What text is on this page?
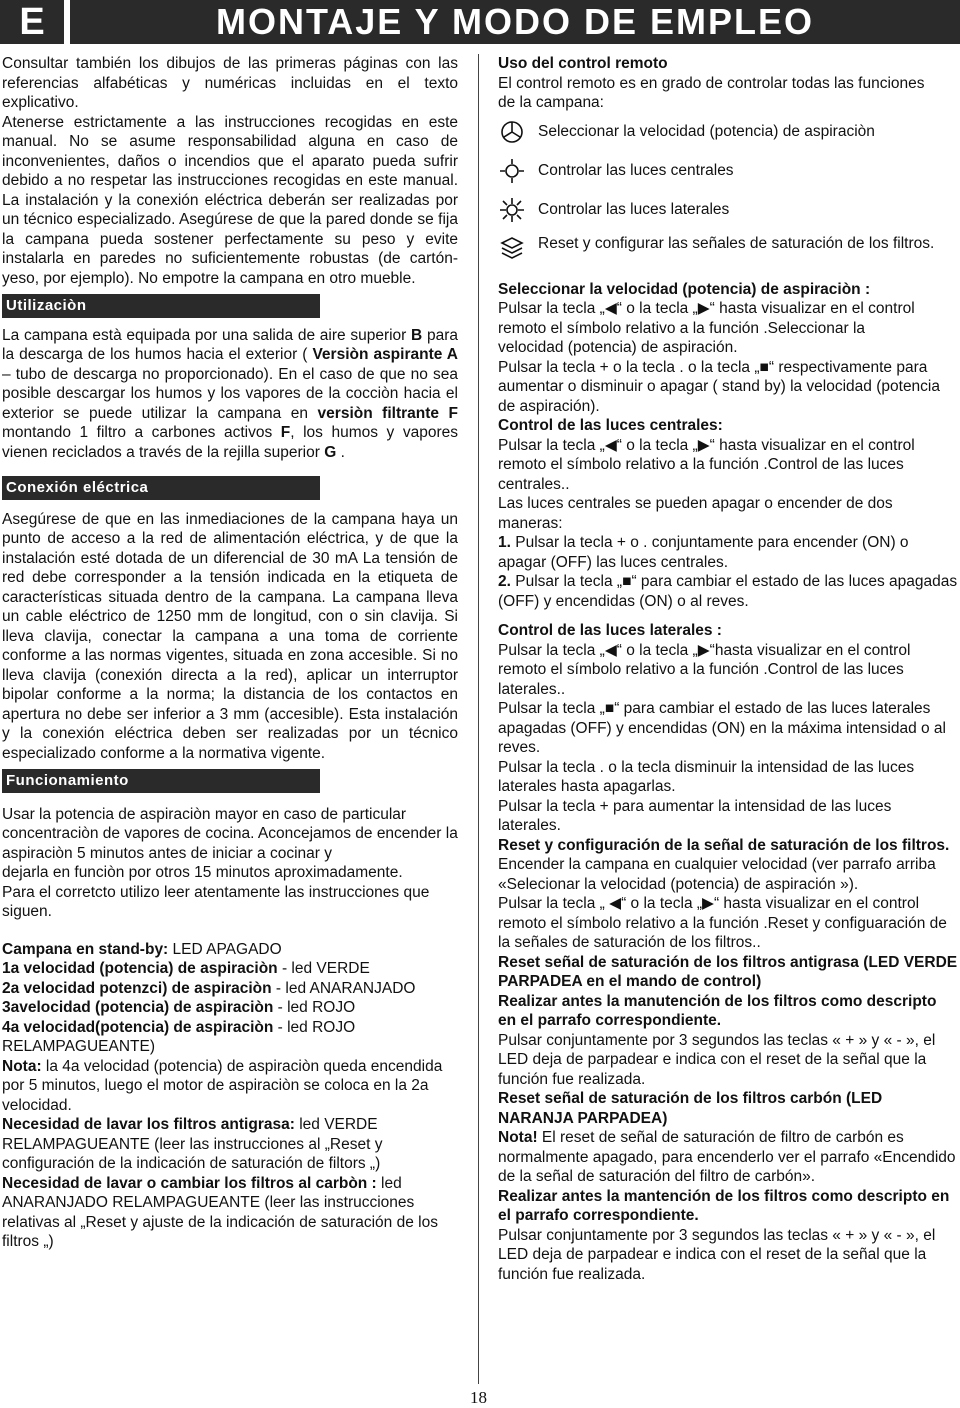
E	MONTAJE Y MODO DE EMPLEO

Consultar también los dibujos de las primeras páginas con las referencias alfabéticas y numéricas incluidas en el texto explicativo.

Atenerse estrictamente a las instrucciones recogidas en este manual. No se asume responsabilidad alguna en caso de inconvenientes, daños o incendios que el aparato pueda sufrir debido a no respetar las instrucciones recogidas en este manual. La instalación y la conexión eléctrica deberán ser realizadas por un técnico especializado. Asegúrese de que la pared donde se fija la campana pueda sostener perfectamente su peso y evite instalarla en paredes no suficientemente robustas (de cartón-yeso, por ejemplo). No empotre la campana en otro mueble.

Utilizaciòn

La campana està equipada por una salida de aire superior B para la descarga de los humos hacia el exterior ( Versiòn aspirante A – tubo de descarga no proporcionado). En el caso de que no sea posible descargar los humos y los vapores de la cocciòn hacia el exterior se puede utilizar la campana en versiòn filtrante F montando 1 filtro a carbones activos F, los humos y vapores vienen reciclados a través de la rejilla superior G .

Conexión eléctrica

Asegúrese de que en las inmediaciones de la campana haya un punto de acceso a la red de alimentación eléctrica, y de que la instalación esté dotada de un diferencial de 30 mA La tensión de red debe corresponder a la tensión indicada en la etiqueta de características situada dentro de la campana. La campana lleva un cable eléctrico de 1250 mm de longitud, con o sin clavija. Si lleva clavija, conectar la campana a una toma de corriente conforme a las normas vigentes, situada en zona accesible. Si no lleva clavija (conexión directa a la red), aplicar un interruptor bipolar conforme a la norma; la distancia de los contactos en apertura no debe ser inferior a 3 mm (accesible). Esta instalación y la conexión eléctrica deben ser realizadas por un técnico especializado conforme a la normativa vigente.

Funcionamiento

Usar la potencia de aspiraciòn mayor en caso de particular concentraciòn de vapores de cocina. Aconcejamos de encender la aspiraciòn 5 minutos antes de iniciar a cocinar y

dejarla en funciòn por otros 15 minutos aproximadamente.

Para el corretcto utilizo leer atentamente las instrucciones que

siguen.

Campana en stand-by: LED APAGADO

1a velocidad (potencia) de aspiraciòn - led VERDE

2a velocidad potenzci) de aspiraciòn - led ANARANJADO

3avelocidad (potencia) de aspiraciòn - led ROJO

4a velocidad(potencia) de aspiraciòn - led ROJO RELAMPAGUEANTE)

Nota: la 4a velocidad (potencia) de aspiraciòn queda encendida por 5 minutos, luego el motor de aspiraciòn se coloca en la 2a velocidad.

Necesidad de lavar los filtros antigrasa: led VERDE RELAMPAGUEANTE (leer las instrucciones al „Reset y configuración de la indicación de saturación de filtors „)

Necesidad de lavar o cambiar los filtros al carbòn : led ANARANJADO RELAMPAGUEANTE (leer las instrucciones relativas al „Reset y ajuste de la indicación de saturación de los filtros „)

Uso del control remoto

El control remoto es en grado de controlar todas las funciones

de la campana:

Seleccionar la velocidad (potencia) de aspiraciòn
Controlar las luces centrales
Controlar las luces laterales
Reset y configurar las señales de saturación de los filtros.

Seleccionar la velocidad (potencia) de aspiraciòn :

Pulsar la tecla „◀“ o la tecla „▶“ hasta visualizar en el control remoto el símbolo relativo a la función .Seleccionar la

velocidad (potencia) de aspiración.

Pulsar la tecla + o la tecla . o la tecla „■“ respectivamente para aumentar o disminuir o apagar ( stand by) la velocidad (potencia de aspiración).

Control de las luces centrales:

Pulsar la tecla „◀“ o la tecla „▶“ hasta visualizar en el control remoto el símbolo relativo a la función .Control de las luces centrales..

Las luces centrales se pueden apagar o encender de dos maneras:

1. Pulsar la tecla + o . conjuntamente para encender (ON) o apagar (OFF) las luces centrales.

2. Pulsar la tecla „■“ para cambiar el estado de las luces apagadas (OFF) y encendidas (ON) o al reves.

Control de las luces laterales :

Pulsar la tecla „◀“ o la tecla „▶“hasta visualizar en el control remoto el símbolo relativo a la función .Control de las luces laterales..

Pulsar la tecla „■“ para cambiar el estado de las luces laterales apagadas (OFF) y encendidas (ON) en la máxima intensidad o al reves.

Pulsar la tecla . o la tecla disminuir la intensidad de las luces laterales hasta apagarlas.

Pulsar la tecla + para aumentar la intensidad de las luces laterales.

Reset y configuración de la señal de saturación de los filtros.

Encender la campana en cualquier velocidad (ver parrafo arriba «Selecionar la velocidad (potencia) de aspiración »).

Pulsar la tecla „ ◀“ o la tecla „▶“ hasta visualizar en el control remoto el símbolo relativo a la función .Reset y configuaración de la señales de saturación de los filtros..

Reset señal de saturación de los filtros antigrasa (LED VERDE PARPADEA en el mando de control)

Realizar antes la manutención de los filtros como descripto en el parrafo correspondiente.

Pulsar conjuntamente por 3 segundos las teclas « + » y « - », el LED deja de parpadear e indica con el reset de la señal que la función fue realizada.

Reset señal de saturación de los filtros carbón (LED NARANJA PARPADEA)

Nota! El reset de señal de saturación de filtro de carbón es normalmente apagado, para encenderlo ver el parrafo «Encendido de la señal de saturación del filtro de carbón».

Realizar antes la mantención de los filtros como descripto en el parrafo correspondiente.

Pulsar conjuntamente por 3 segundos las teclas « + » y « - », el LED deja de parpadear e indica con el reset de la señal que la función fue realizada.

18
